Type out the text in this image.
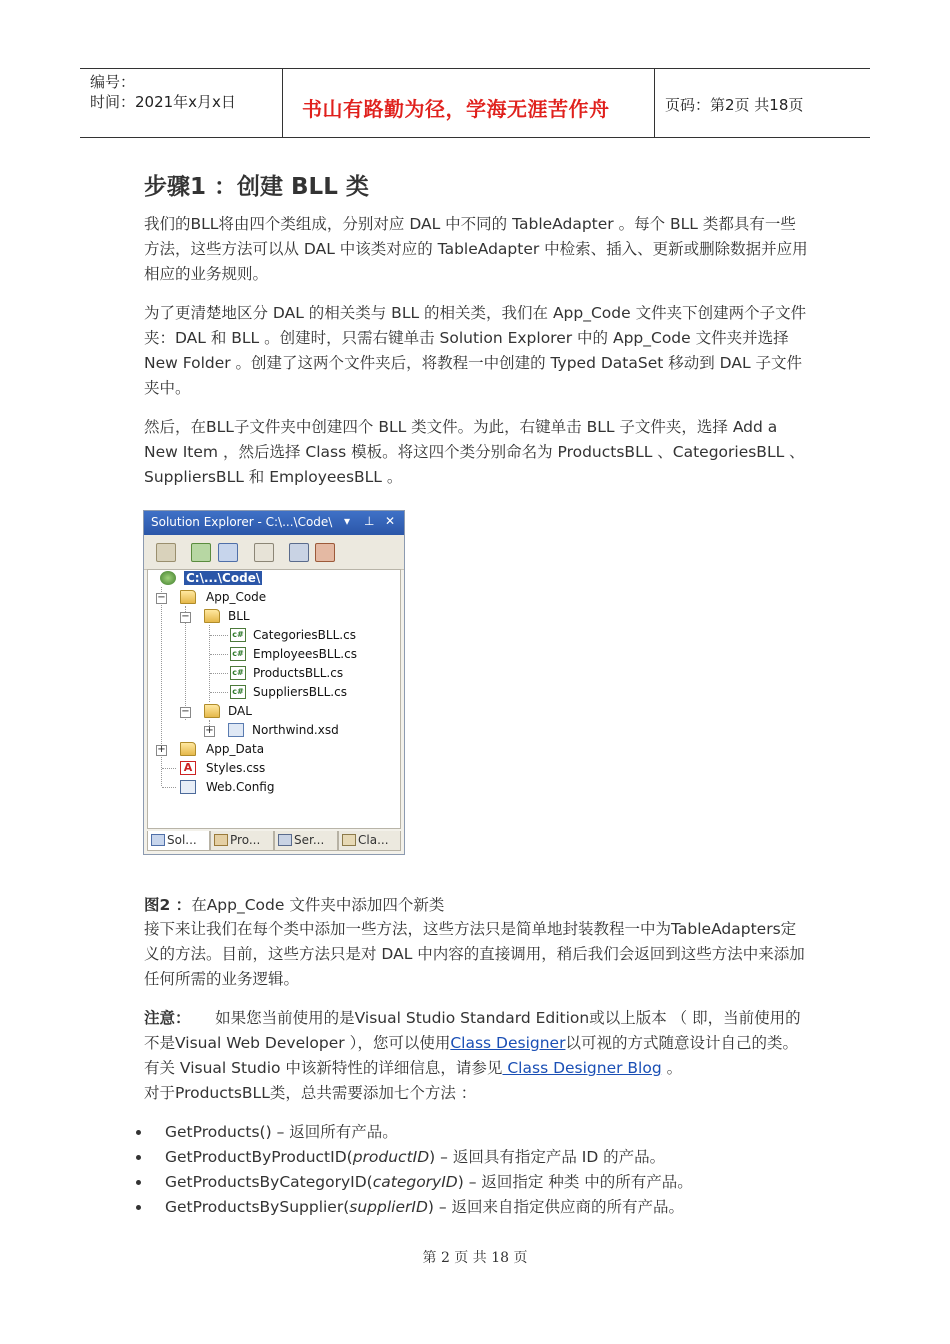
编号：
时间：2021年x月x日	书山有路勤为径，学海无涯苦作舟	页码：第2页 共18页
步骤1 ：创建 BLL 类

我们的BLL将由四个类组成，分别对应 DAL 中不同的 TableAdapter 。每个 BLL 类都具有一些方法，这些方法可以从 DAL 中该类对应的 TableAdapter 中检索、插入、更新或删除数据并应用相应的业务规则。

为了更清楚地区分 DAL 的相关类与 BLL 的相关类，我们在 App_Code 文件夹下创建两个子文件夹：DAL 和 BLL 。创建时，只需右键单击 Solution Explorer 中的 App_Code 文件夹并选择 New Folder 。创建了这两个文件夹后，将教程一中创建的 Typed DataSet 移动到 DAL 子文件夹中。

然后，在BLL子文件夹中创建四个 BLL 类文件。为此，右键单击 BLL 子文件夹，选择 Add a New Item ，然后选择 Class 模板。将这四个类分别命名为 ProductsBLL 、CategoriesBLL 、 SuppliersBLL 和 EmployeesBLL 。

Solution Explorer - C:\...\Code\ ▾ ⊥ ✕
C:\...\Code\
−	App_Code
−	BLL
c# CategoriesBLL.cs
c# EmployeesBLL.cs
c# ProductsBLL.cs
c# SuppliersBLL.cs
−	DAL
+	Northwind.xsd
+	App_Data
A	Styles.css
Web.Config
Sol...	Pro...	Ser...	Cla...
图2 ：在App_Code 文件夹中添加四个新类

接下来让我们在每个类中添加一些方法，这些方法只是简单地封装教程一中为TableAdapters定义的方法。目前，这些方法只是对 DAL 中内容的直接调用，稍后我们会返回到这些方法中来添加任何所需的业务逻辑。

注意： 如果您当前使用的是Visual Studio Standard Edition或以上版本 （ 即，当前使用的不是Visual Web Developer ），您可以使用Class Designer以可视的方式随意设计自己的类。有关 Visual Studio 中该新特性的详细信息，请参见 Class Designer Blog 。
对于ProductsBLL类，总共需要添加七个方法 ：

GetProducts() – 返回所有产品。
GetProductByProductID(productID) – 返回具有指定产品 ID 的产品。
GetProductsByCategoryID(categoryID) – 返回指定 种类 中的所有产品。
GetProductsBySupplier(supplierID) – 返回来自指定供应商的所有产品。
第 2 页 共 18 页
